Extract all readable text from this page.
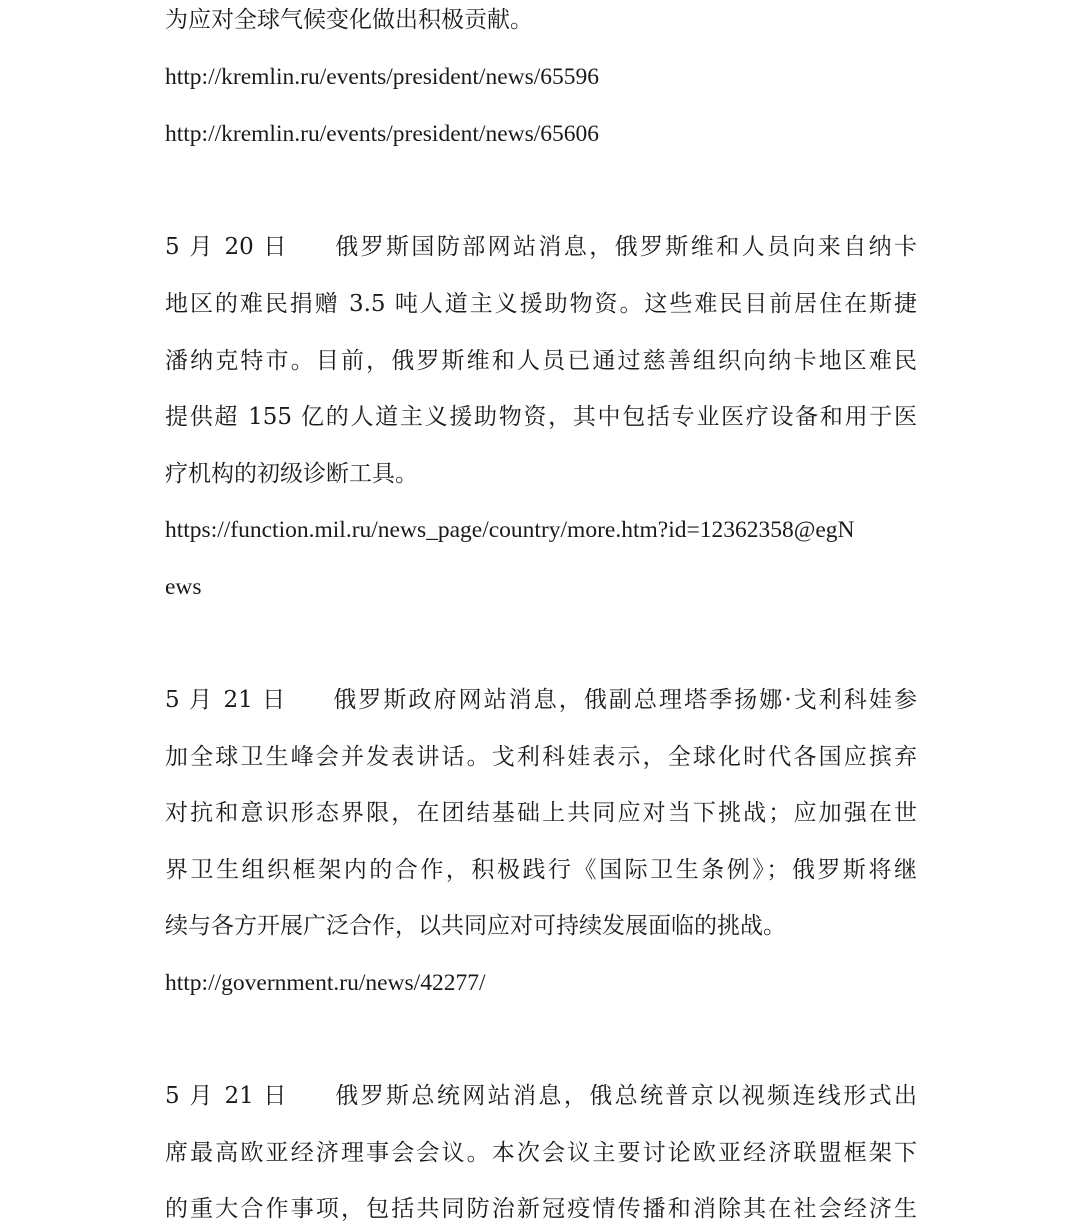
为应对全球气候变化做出积极贡献。
http://kremlin.ru/events/president/news/65596
http://kremlin.ru/events/president/news/65606
5 月 20 日 俄罗斯国防部网站消息，俄罗斯维和人员向来自纳卡
地区的难民捐赠 3.5 吨人道主义援助物资。这些难民目前居住在斯捷
潘纳克特市。目前，俄罗斯维和人员已通过慈善组织向纳卡地区难民
提供超 155 亿的人道主义援助物资，其中包括专业医疗设备和用于医
疗机构的初级诊断工具。
https://function.mil.ru/news_page/country/more.htm?id=12362358@egN
ews
5 月 21 日 俄罗斯政府网站消息，俄副总理塔季扬娜·戈利科娃参
加全球卫生峰会并发表讲话。戈利科娃表示，全球化时代各国应摈弃
对抗和意识形态界限，在团结基础上共同应对当下挑战；应加强在世
界卫生组织框架内的合作，积极践行《国际卫生条例》；俄罗斯将继
续与各方开展广泛合作，以共同应对可持续发展面临的挑战。
http://government.ru/news/42277/
5 月 21 日 俄罗斯总统网站消息，俄总统普京以视频连线形式出
席最高欧亚经济理事会会议。本次会议主要讨论欧亚经济联盟框架下
的重大合作事项，包括共同防治新冠疫情传播和消除其在社会经济生
